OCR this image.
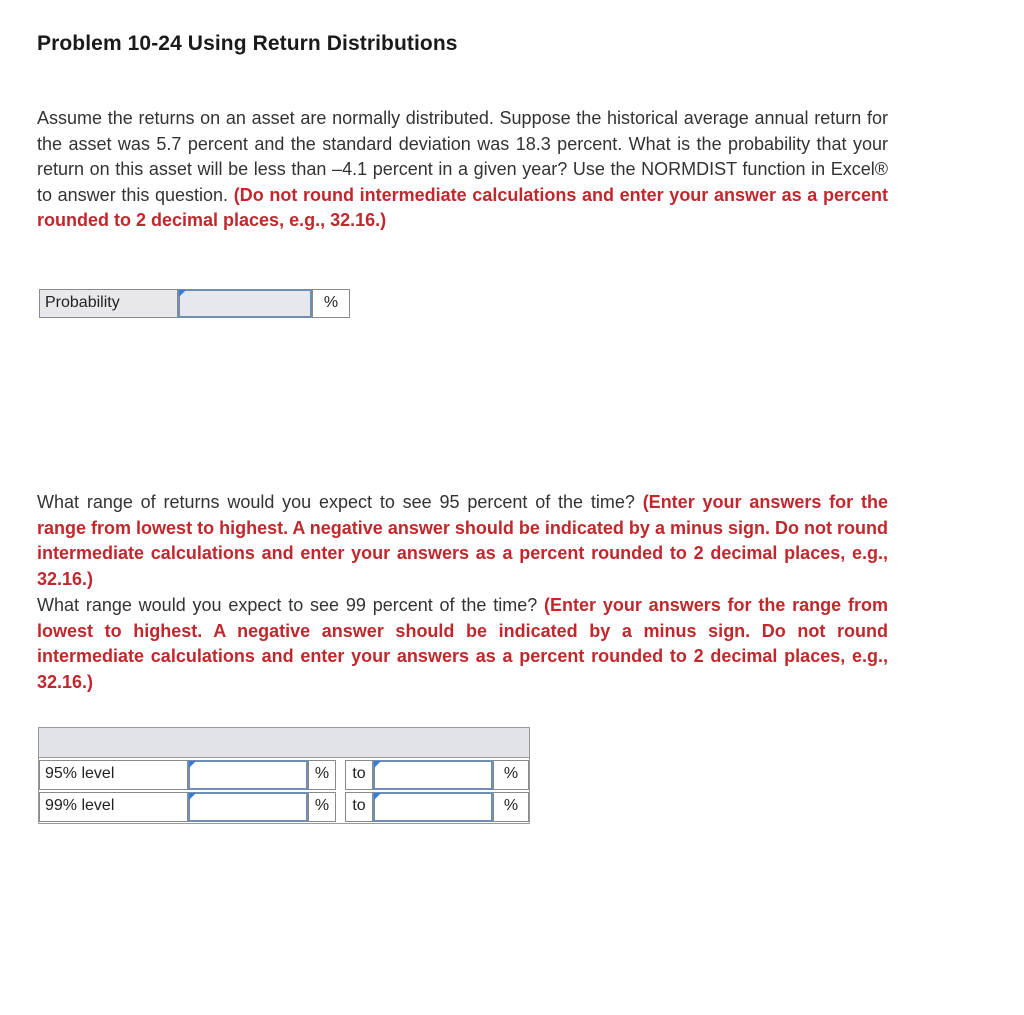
Problem 10-24 Using Return Distributions
Assume the returns on an asset are normally distributed. Suppose the historical average annual return for the asset was 5.7 percent and the standard deviation was 18.3 percent. What is the probability that your return on this asset will be less than –4.1 percent in a given year? Use the NORMDIST function in Excel® to answer this question. (Do not round intermediate calculations and enter your answer as a percent rounded to 2 decimal places, e.g., 32.16.)
Probability	%
What range of returns would you expect to see 95 percent of the time? (Enter your answers for the range from lowest to highest. A negative answer should be indicated by a minus sign. Do not round intermediate calculations and enter your answers as a percent rounded to 2 decimal places, e.g., 32.16.)
What range would you expect to see 99 percent of the time? (Enter your answers for the range from lowest to highest. A negative answer should be indicated by a minus sign. Do not round intermediate calculations and enter your answers as a percent rounded to 2 decimal places, e.g., 32.16.)
95% level	%	to	%
99% level	%	to	%
